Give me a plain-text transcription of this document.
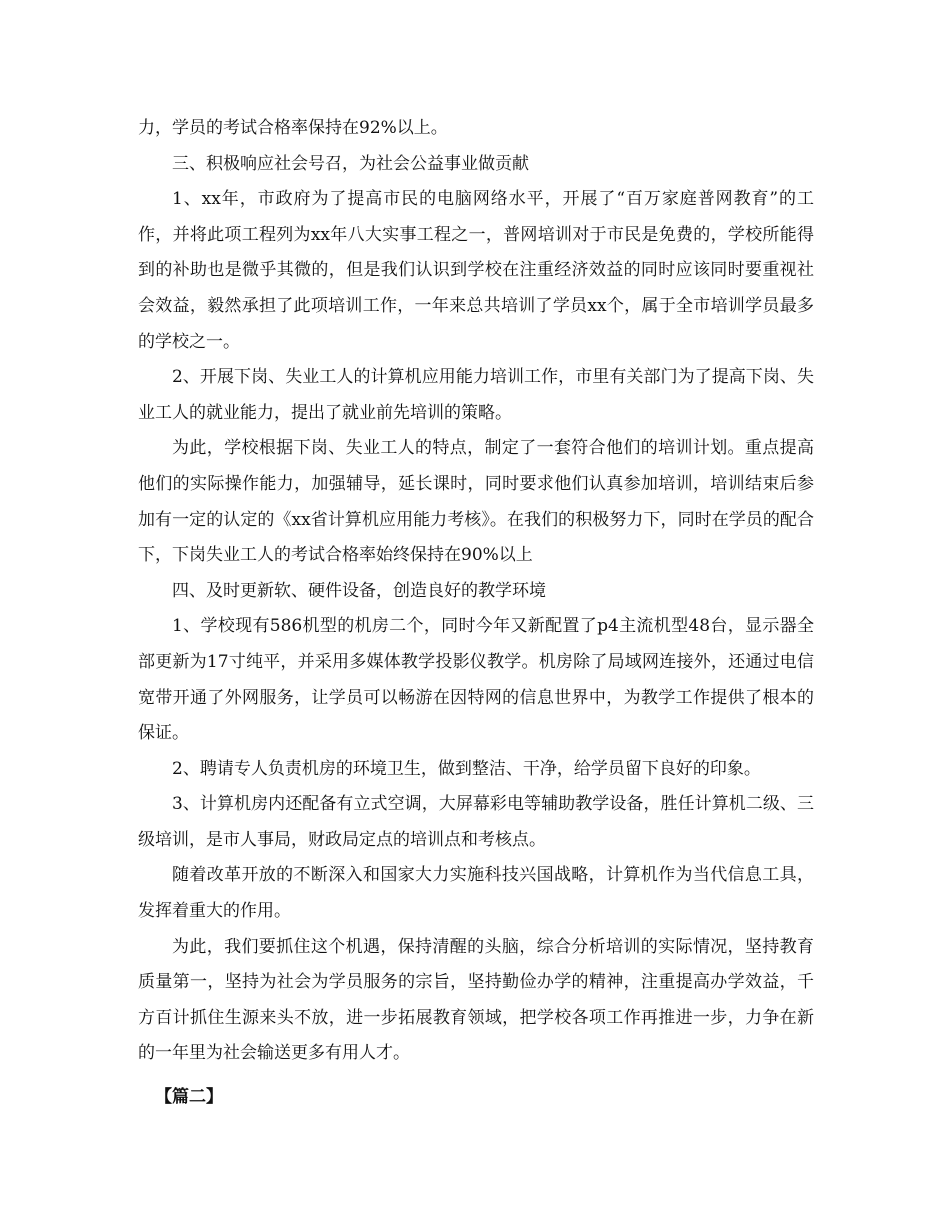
力，学员的考试合格率保持在92%以上。

三、积极响应社会号召，为社会公益事业做贡献

1、xx年，市政府为了提高市民的电脑网络水平，开展了“百万家庭普网教育”的工作，并将此项工程列为xx年八大实事工程之一，普网培训对于市民是免费的，学校所能得到的补助也是微乎其微的，但是我们认识到学校在注重经济效益的同时应该同时要重视社会效益，毅然承担了此项培训工作，一年来总共培训了学员xx个，属于全市培训学员最多的学校之一。

2、开展下岗、失业工人的计算机应用能力培训工作，市里有关部门为了提高下岗、失业工人的就业能力，提出了就业前先培训的策略。

为此，学校根据下岗、失业工人的特点，制定了一套符合他们的培训计划。重点提高他们的实际操作能力，加强辅导，延长课时，同时要求他们认真参加培训，培训结束后参加有一定的认定的《xx省计算机应用能力考核》。在我们的积极努力下，同时在学员的配合下，下岗失业工人的考试合格率始终保持在90%以上

四、及时更新软、硬件设备，创造良好的教学环境

1、学校现有586机型的机房二个，同时今年又新配置了p4主流机型48台，显示器全部更新为17寸纯平，并采用多媒体教学投影仪教学。机房除了局域网连接外，还通过电信宽带开通了外网服务，让学员可以畅游在因特网的信息世界中，为教学工作提供了根本的保证。

2、聘请专人负责机房的环境卫生，做到整洁、干净，给学员留下良好的印象。

3、计算机房内还配备有立式空调，大屏幕彩电等辅助教学设备，胜任计算机二级、三级培训，是市人事局，财政局定点的培训点和考核点。

随着改革开放的不断深入和国家大力实施科技兴国战略，计算机作为当代信息工具，发挥着重大的作用。

为此，我们要抓住这个机遇，保持清醒的头脑，综合分析培训的实际情况，坚持教育质量第一，坚持为社会为学员服务的宗旨，坚持勤俭办学的精神，注重提高办学效益，千方百计抓住生源来头不放，进一步拓展教育领域，把学校各项工作再推进一步，力争在新的一年里为社会输送更多有用人才。

【篇二】
